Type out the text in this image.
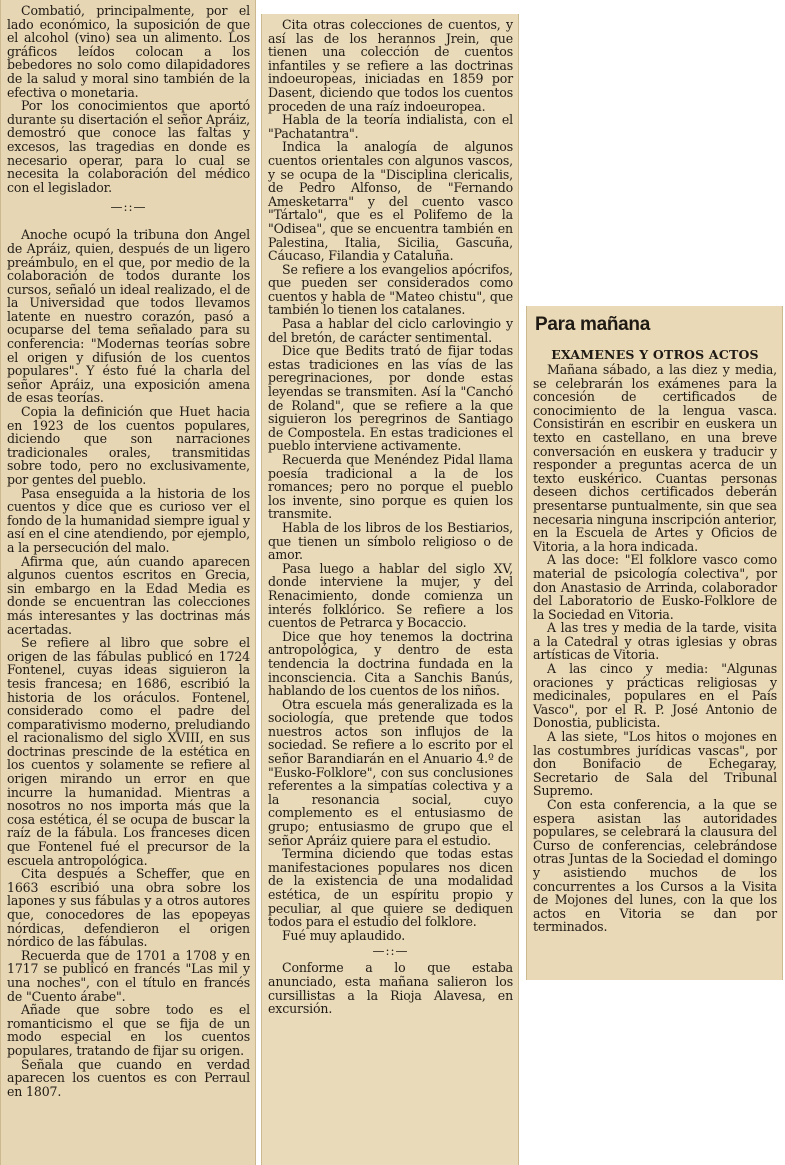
Combatió, principalmente, por el lado económico, la suposición de que el alcohol (vino) sea un alimento. Los gráficos leídos colocan a los bebedores no solo como dilapidadores de la salud y moral sino también de la efectiva o monetaria.

Por los conocimientos que aportó durante su disertación el señor Apráiz, demostró que conoce las faltas y excesos, las tragedias en donde es necesario operar, para lo cual se necesita la colaboración del médico con el legislador.

—::—

Anoche ocupó la tribuna don Angel de Apráiz, quien, después de un ligero preámbulo, en el que, por medio de la colaboración de todos durante los cursos, señaló un ideal realizado, el de la Universidad que todos llevamos latente en nuestro corazón, pasó a ocuparse del tema señalado para su conferencia: "Modernas teorías sobre el origen y difusión de los cuentos populares". Y ésto fué la charla del señor Apráiz, una exposición amena de esas teorías.

Copia la definición que Huet hacia en 1923 de los cuentos populares, diciendo que son narraciones tradicionales orales, transmitidas sobre todo, pero no exclusivamente, por gentes del pueblo.

Pasa enseguida a la historia de los cuentos y dice que es curioso ver el fondo de la humanidad siempre igual y así en el cine atendiendo, por ejemplo, a la persecución del malo.

Afirma que, aún cuando aparecen algunos cuentos escritos en Grecia, sin embargo en la Edad Media es donde se encuentran las colecciones más interesantes y las doctrinas más acertadas.

Se refiere al libro que sobre el origen de las fábulas publicó en 1724 Fontenel, cuyas ideas siguieron la tesis francesa; en 1686, escribió la historia de los oráculos. Fontenel, considerado como el padre del comparativismo moderno, preludiando el racionalismo del siglo XVIII, en sus doctrinas prescinde de la estética en los cuentos y solamente se refiere al origen mirando un error en que incurre la humanidad. Mientras a nosotros no nos importa más que la cosa estética, él se ocupa de buscar la raíz de la fábula. Los franceses dicen que Fontenel fué el precursor de la escuela antropológica.

Cita después a Scheffer, que en 1663 escribió una obra sobre los lapones y sus fábulas y a otros autores que, conocedores de las epopeyas nórdicas, defendieron el origen nórdico de las fábulas.

Recuerda que de 1701 a 1708 y en 1717 se publicó en francés "Las mil y una noches", con el título en francés de "Cuento árabe".

Añade que sobre todo es el romanticismo el que se fija de un modo especial en los cuentos populares, tratando de fijar su origen.

Señala que cuando en verdad aparecen los cuentos es con Perraul en 1807.

Cita otras colecciones de cuentos, y así las de los herannos Jrein, que tienen una colección de cuentos infantiles y se refiere a las doctrinas indoeuropeas, iniciadas en 1859 por Dasent, diciendo que todos los cuentos proceden de una raíz indoeuropea.

Habla de la teoría indialista, con el "Pachatantra".

Indica la analogía de algunos cuentos orientales con algunos vascos, y se ocupa de la "Disciplina clericalis, de Pedro Alfonso, de "Fernando Amesketarra" y del cuento vasco "Tártalo", que es el Polifemo de la "Odisea", que se encuentra también en Palestina, Italia, Sicilia, Gascuña, Cáucaso, Filandia y Cataluña.

Se refiere a los evangelios apócrifos, que pueden ser considerados como cuentos y habla de "Mateo chistu", que también lo tienen los catalanes.

Pasa a hablar del ciclo carlovingio y del bretón, de carácter sentimental.

Dice que Bedits trató de fijar todas estas tradiciones en las vías de las peregrinaciones, por donde estas leyendas se transmiten. Así la "Canchó de Roland", que se refiere a la que siguieron los peregrinos de Santiago de Compostela. En estas tradiciones el pueblo interviene activamente.

Recuerda que Menéndez Pidal llama poesía tradicional a la de los romances; pero no porque el pueblo los invente, sino porque es quien los transmite.

Habla de los libros de los Bestiarios, que tienen un símbolo religioso o de amor.

Pasa luego a hablar del siglo XV, donde interviene la mujer, y del Renacimiento, donde comienza un interés folklórico. Se refiere a los cuentos de Petrarca y Bocaccio.

Dice que hoy tenemos la doctrina antropológica, y dentro de esta tendencia la doctrina fundada en la inconsciencia. Cita a Sanchis Banús, hablando de los cuentos de los niños.

Otra escuela más generalizada es la sociología, que pretende que todos nuestros actos son influjos de la sociedad. Se refiere a lo escrito por el señor Barandiarán en el Anuario 4.º de "Eusko-Folklore", con sus conclusiones referentes a la simpatías colectiva y a la resonancia social, cuyo complemento es el entusiasmo de grupo; entusiasmo de grupo que el señor Apráiz quiere para el estudio.

Termina diciendo que todas estas manifestaciones populares nos dicen de la existencia de una modalidad estética, de un espíritu propio y peculiar, al que quiere se dediquen todos para el estudio del folklore.

Fué muy aplaudido.

—::—

Conforme a lo que estaba anunciado, esta mañana salieron los cursillistas a la Rioja Alavesa, en excursión.

Para mañana
EXAMENES Y OTROS ACTOS

Mañana sábado, a las diez y media, se celebrarán los exámenes para la concesión de certificados de conocimiento de la lengua vasca. Consistirán en escribir en euskera un texto en castellano, en una breve conversación en euskera y traducir y responder a preguntas acerca de un texto euskérico. Cuantas personas deseen dichos certificados deberán presentarse puntualmente, sin que sea necesaria ninguna inscripción anterior, en la Escuela de Artes y Oficios de Vitoria, a la hora indicada.

A las doce: "El folklore vasco como material de psicología colectiva", por don Anastasio de Arrinda, colaborador del Laboratorio de Eusko-Folklore de la Sociedad en Vitoria.

A las tres y media de la tarde, visita a la Catedral y otras iglesias y obras artísticas de Vitoria.

A las cinco y media: "Algunas oraciones y prácticas religiosas y medicinales, populares en el País Vasco", por el R. P. José Antonio de Donostia, publicista.

A las siete, "Los hitos o mojones en las costumbres jurídicas vascas", por don Bonifacio de Echegaray, Secretario de Sala del Tribunal Supremo.

Con esta conferencia, a la que se espera asistan las autoridades populares, se celebrará la clausura del Curso de conferencias, celebrándose otras Juntas de la Sociedad el domingo y asistiendo muchos de los concurrentes a los Cursos a la Visita de Mojones del lunes, con la que los actos en Vitoria se dan por terminados.
